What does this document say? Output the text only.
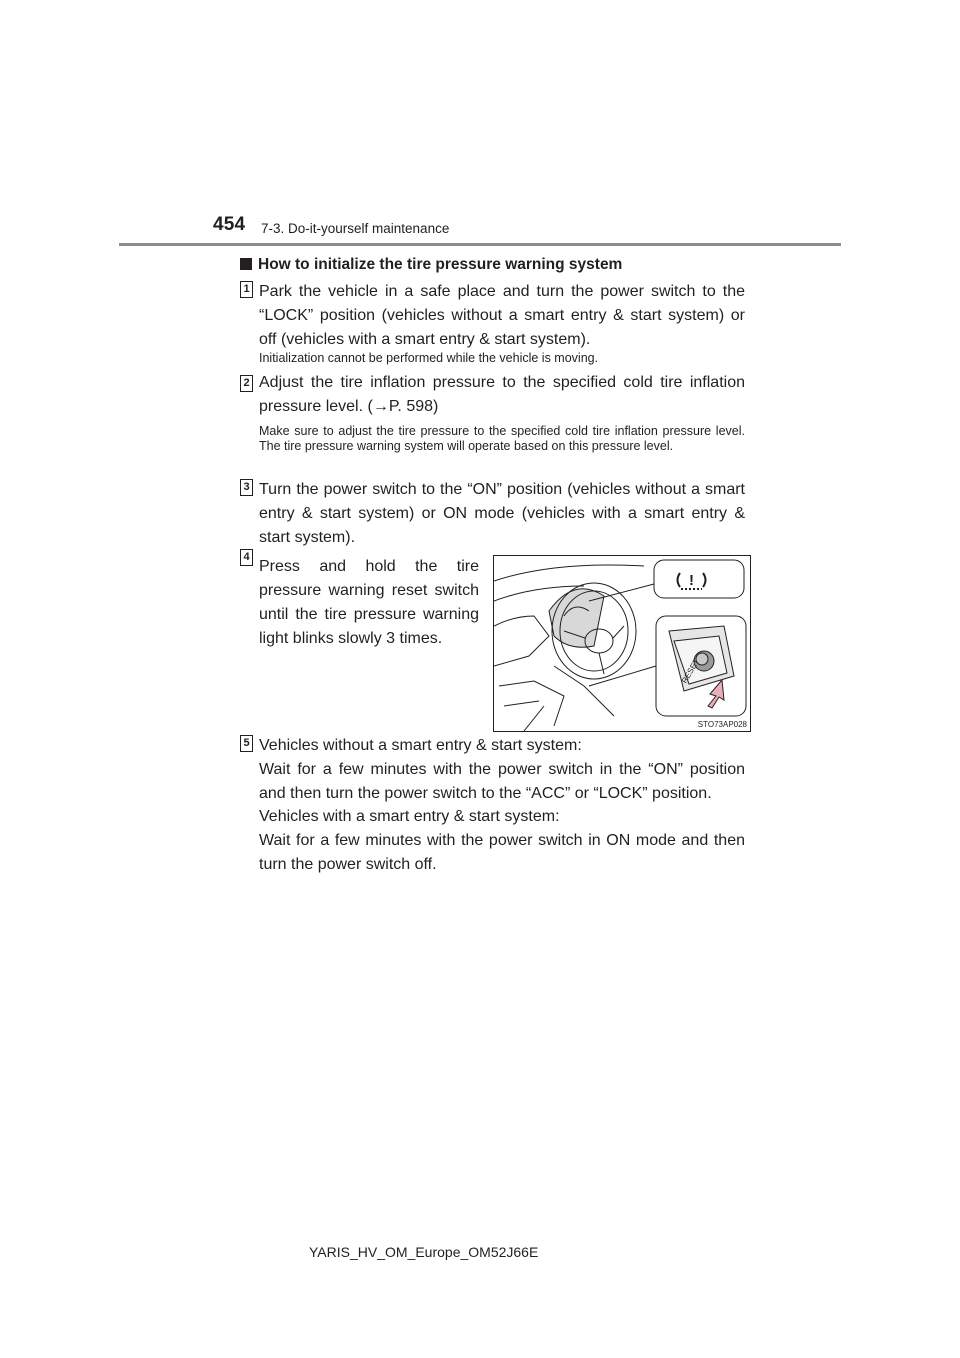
454 7-3. Do-it-yourself maintenance
How to initialize the tire pressure warning system
1 Park the vehicle in a safe place and turn the power switch to the “LOCK” position (vehicles without a smart entry & start system) or off (vehicles with a smart entry & start system).
Initialization cannot be performed while the vehicle is moving.
2 Adjust the tire inflation pressure to the specified cold tire inflation pressure level. (→P. 598)
Make sure to adjust the tire pressure to the specified cold tire inflation pressure level. The tire pressure warning system will operate based on this pressure level.
3 Turn the power switch to the “ON” position (vehicles without a smart entry & start system) or ON mode (vehicles with a smart entry & start system).
4
Press and hold the tire pressure warning reset switch until the tire pressure warning light blinks slowly 3 times.
!
RESET
STO73AP028
5 Vehicles without a smart entry & start system:
Wait for a few minutes with the power switch in the “ON” position and then turn the power switch to the “ACC” or “LOCK” position.
Vehicles with a smart entry & start system:
Wait for a few minutes with the power switch in ON mode and then turn the power switch off.
YARIS_HV_OM_Europe_OM52J66E
